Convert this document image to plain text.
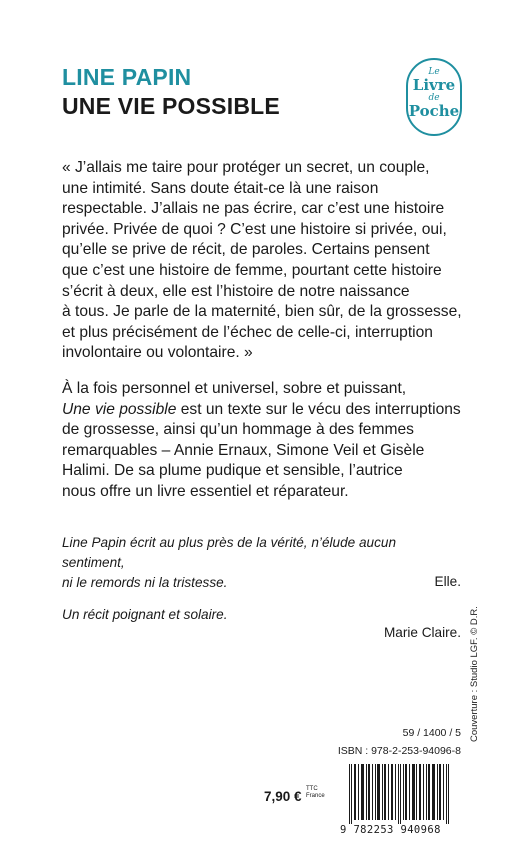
LINE PAPIN
UNE VIE POSSIBLE
Le
Livre
de
Poche
« J’allais me taire pour protéger un secret, un couple,
une intimité. Sans doute était-ce là une raison
respectable. J’allais ne pas écrire, car c’est une histoire
privée. Privée de quoi ? C’est une histoire si privée, oui,
qu’elle se prive de récit, de paroles. Certains pensent
que c’est une histoire de femme, pourtant cette histoire
s’écrit à deux, elle est l’histoire de notre naissance
à tous. Je parle de la maternité, bien sûr, de la grossesse,
et plus précisément de l’échec de celle-ci, interruption
involontaire ou volontaire. »
À la fois personnel et universel, sobre et puissant,
Une vie possible est un texte sur le vécu des interruptions
de grossesse, ainsi qu’un hommage à des femmes
remarquables – Annie Ernaux, Simone Veil et Gisèle
Halimi. De sa plume pudique et sensible, l’autrice
nous offre un livre essentiel et réparateur.
Line Papin écrit au plus près de la vérité, n’élude aucun sentiment,
ni le remords ni la tristesse.	Elle.
Un récit poignant et solaire.
Marie Claire. Couverture : Studio LGF. © D.R.
59 / 1400 / 5
ISBN : 978-2-253-94096-8
7,90 € TTC
France
9 782253 940968
